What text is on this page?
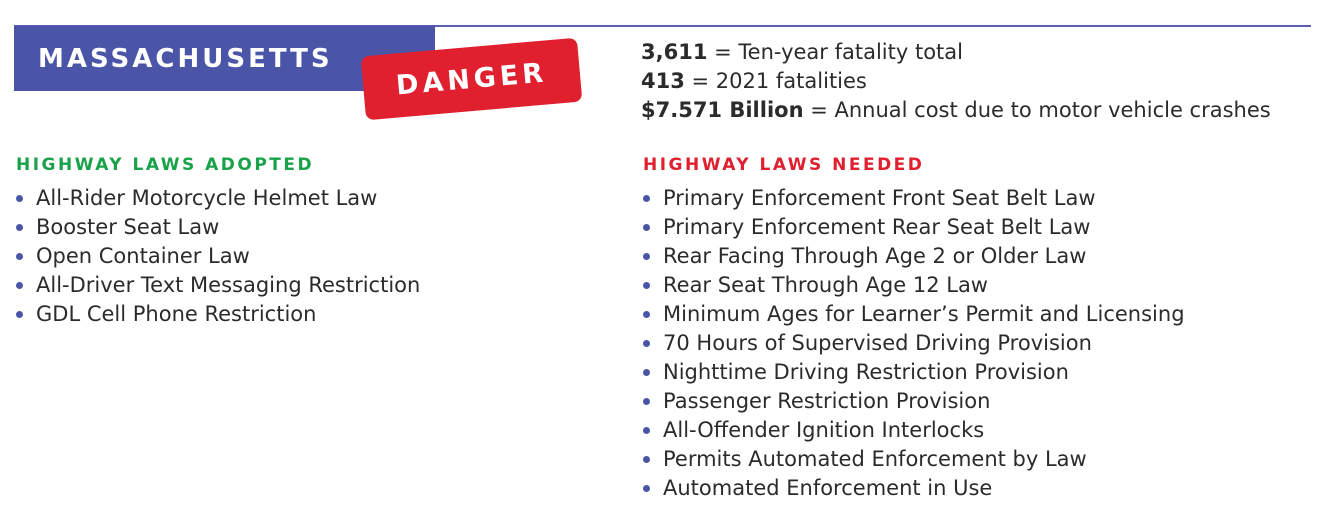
MASSACHUSETTS DANGER
3,611 = Ten-year fatality total
413 = 2021 fatalities
$7.571 Billion = Annual cost due to motor vehicle crashes
HIGHWAY LAWS ADOPTED
All-Rider Motorcycle Helmet Law
Booster Seat Law
Open Container Law
All-Driver Text Messaging Restriction
GDL Cell Phone Restriction
HIGHWAY LAWS NEEDED
Primary Enforcement Front Seat Belt Law
Primary Enforcement Rear Seat Belt Law
Rear Facing Through Age 2 or Older Law
Rear Seat Through Age 12 Law
Minimum Ages for Learner’s Permit and Licensing
70 Hours of Supervised Driving Provision
Nighttime Driving Restriction Provision
Passenger Restriction Provision
All-Offender Ignition Interlocks
Permits Automated Enforcement by Law
Automated Enforcement in Use
